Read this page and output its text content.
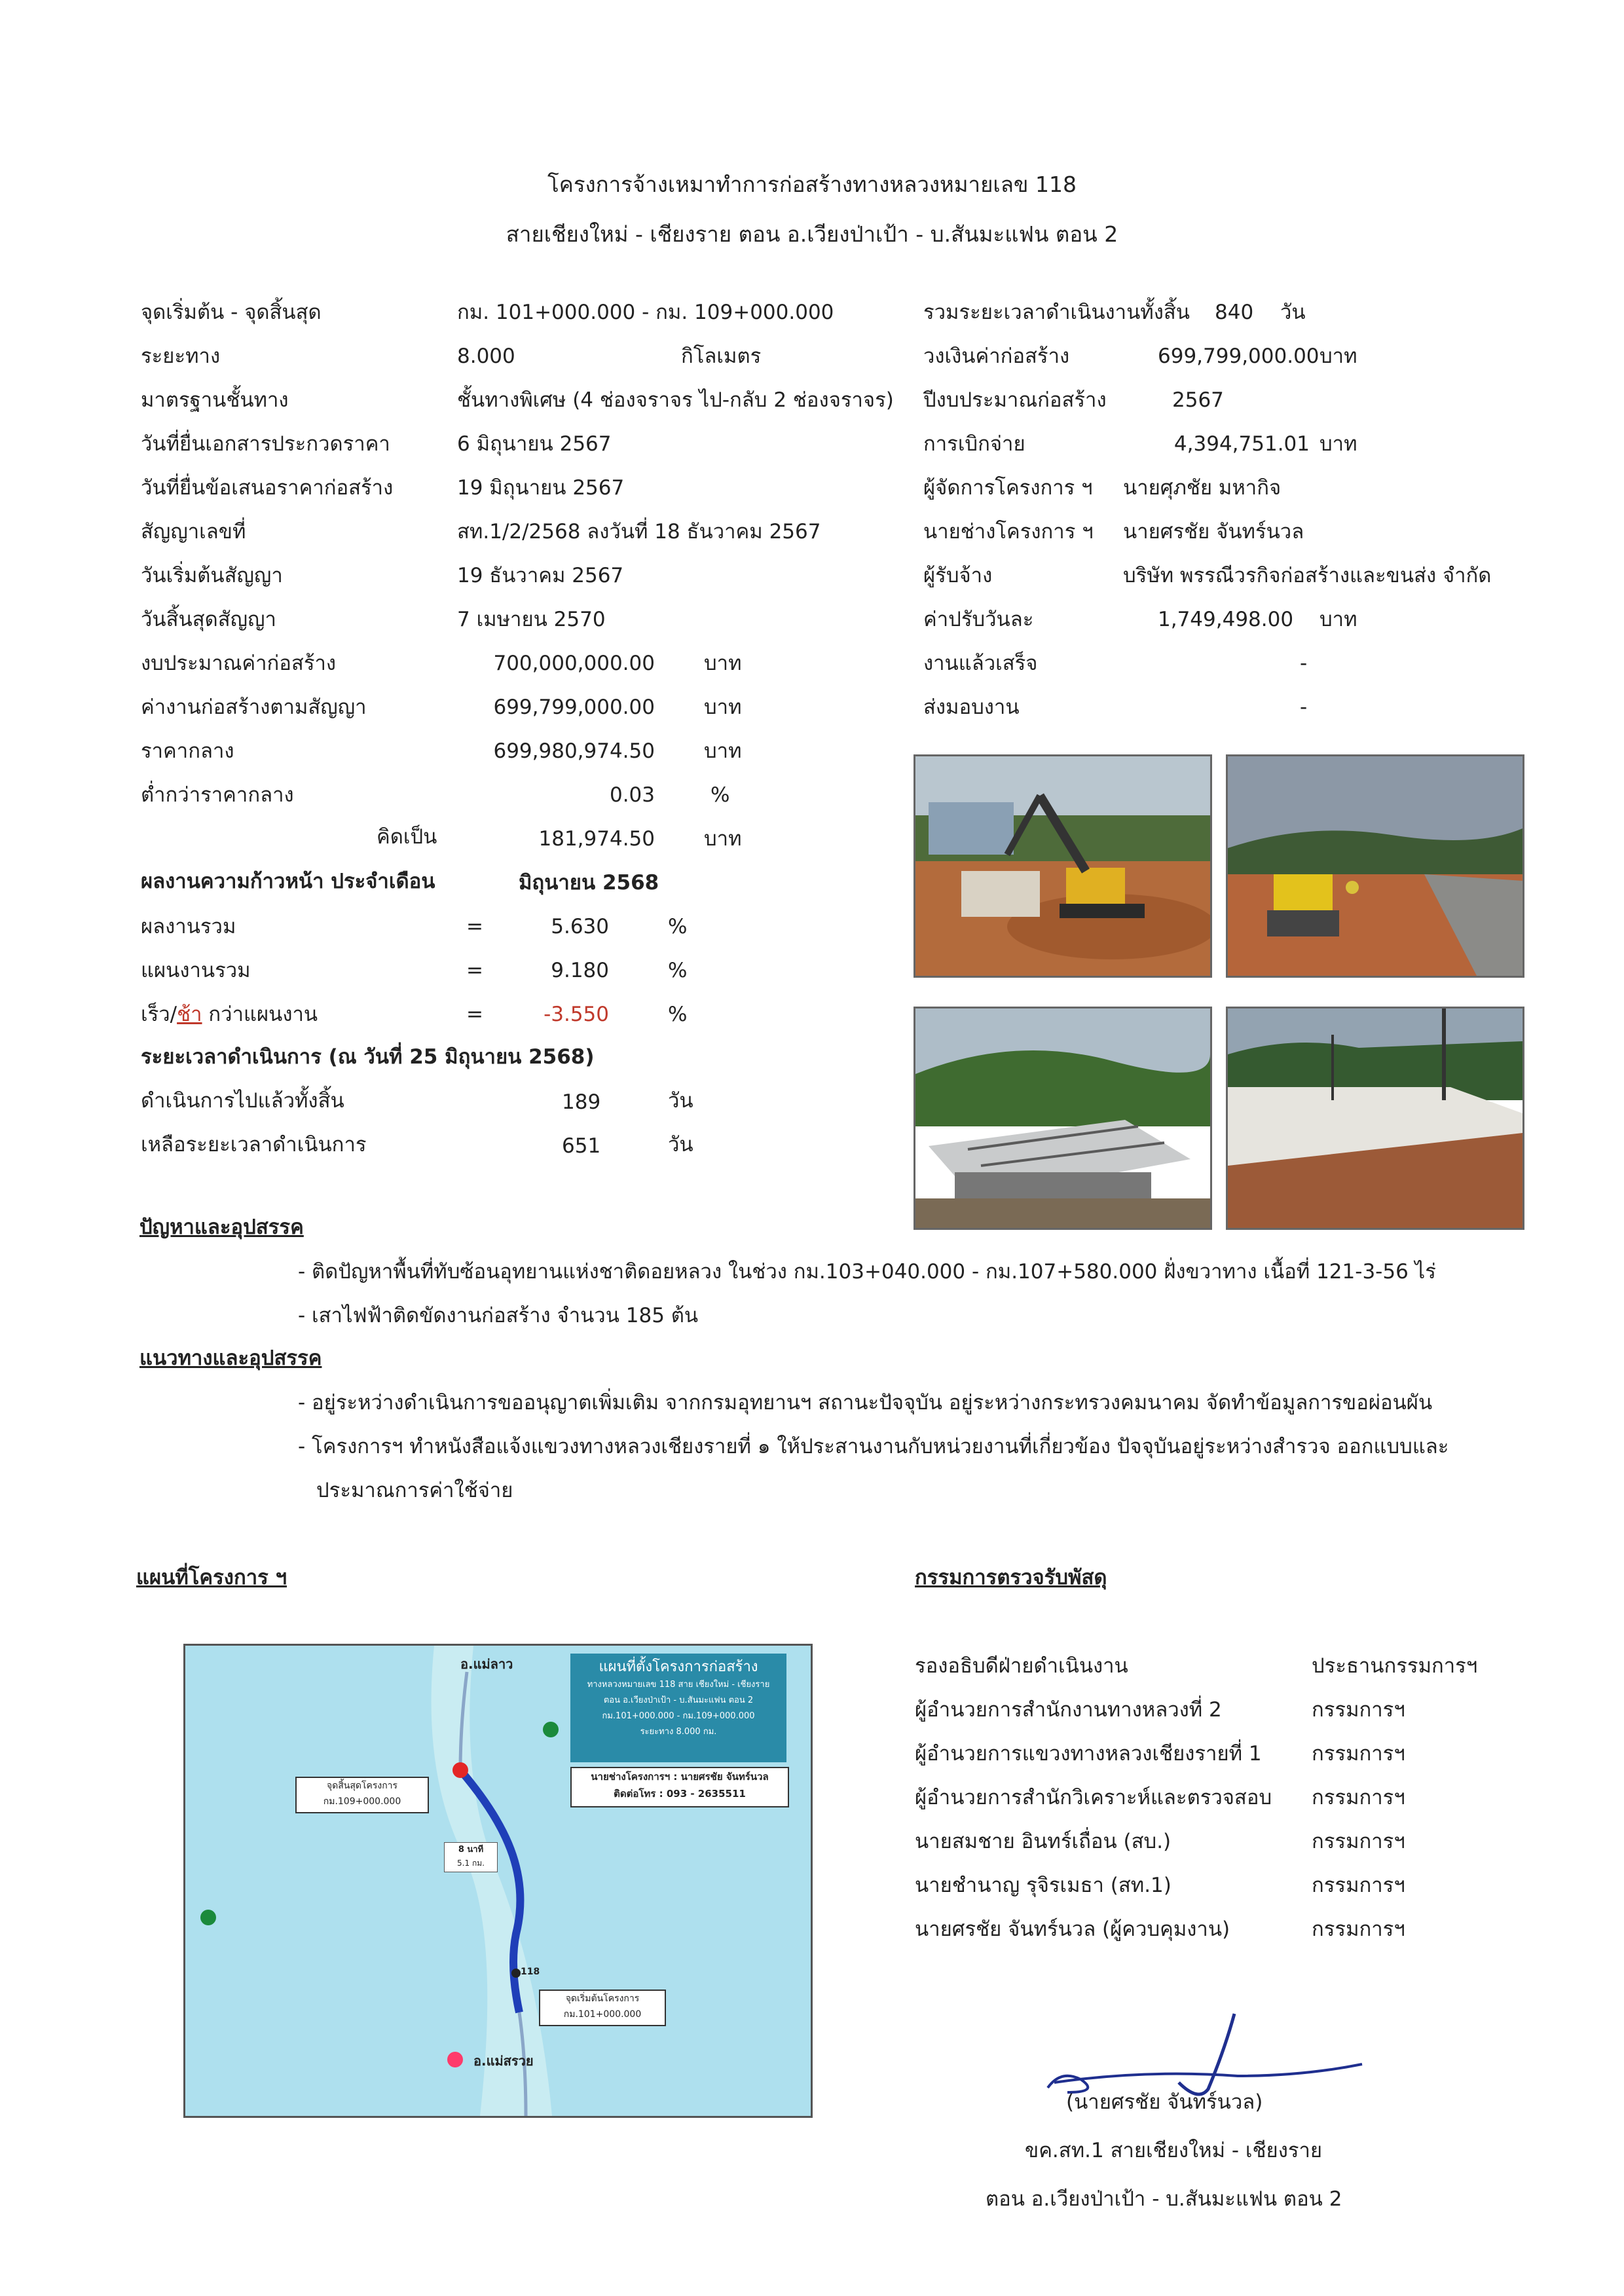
โครงการจ้างเหมาทำการก่อสร้างทางหลวงหมายเลข 118
สายเชียงใหม่ - เชียงราย ตอน อ.เวียงป่าเป้า - บ.สันมะแฟน ตอน 2
จุดเริ่มต้น - จุดสิ้นสุด	กม. 101+000.000 - กม. 109+000.000
ระยะทาง	8.000	กิโลเมตร
มาตรฐานชั้นทาง	ชั้นทางพิเศษ (4 ช่องจราจร ไป-กลับ 2 ช่องจราจร)
วันที่ยื่นเอกสารประกวดราคา	6 มิถุนายน 2567
วันที่ยื่นข้อเสนอราคาก่อสร้าง	19 มิถุนายน 2567
สัญญาเลขที่	สท.1/2/2568 ลงวันที่ 18 ธันวาคม 2567
วันเริ่มต้นสัญญา	19 ธันวาคม 2567
วันสิ้นสุดสัญญา	7 เมษายน 2570
งบประมาณค่าก่อสร้าง	700,000,000.00 บาท
ค่างานก่อสร้างตามสัญญา	699,799,000.00 บาท
ราคากลาง	699,980,974.50 บาท
ต่ำกว่าราคากลาง	0.03	%
คิดเป็น	181,974.50 บาท
ผลงานความก้าวหน้า ประจำเดือน	มิถุนายน 2568
ผลงานรวม	=	5.630	%
แผนงานรวม	=	9.180	%
เร็ว/ช้า กว่าแผนงาน	=	-3.550	%
ระยะเวลาดำเนินการ (ณ วันที่ 25 มิถุนายน 2568)
ดำเนินการไปแล้วทั้งสิ้น	189	วัน
เหลือระยะเวลาดำเนินการ	651	วัน
รวมระยะเวลาดำเนินงานทั้งสิ้น 840 วัน
วงเงินค่าก่อสร้าง	699,799,000.00 บาท
ปีงบประมาณก่อสร้าง	2567
การเบิกจ่าย	4,394,751.01 บาท
ผู้จัดการโครงการ ฯ นายศุภชัย มหากิจ
นายช่างโครงการ ฯ นายศรชัย จันทร์นวล
ผู้รับจ้าง	บริษัท พรรณีวรกิจก่อสร้างและขนส่ง จำกัด
ค่าปรับวันละ	1,749,498.00 บาท
งานแล้วเสร็จ	-
ส่งมอบงาน	-
ปัญหาและอุปสรรค
- ติดปัญหาพื้นที่ทับซ้อนอุทยานแห่งชาติดอยหลวง ในช่วง กม.103+040.000 - กม.107+580.000 ฝั่งขวาทาง เนื้อที่ 121-3-56 ไร่
- เสาไฟฟ้าติดขัดงานก่อสร้าง จำนวน 185 ต้น
แนวทางและอุปสรรค
- อยู่ระหว่างดำเนินการขออนุญาตเพิ่มเติม จากกรมอุทยานฯ สถานะปัจจุบัน อยู่ระหว่างกระทรวงคมนาคม จัดทำข้อมูลการขอผ่อนผัน
- โครงการฯ ทำหนังสือแจ้งแขวงทางหลวงเชียงรายที่ ๑ ให้ประสานงานกับหน่วยงานที่เกี่ยวข้อง ปัจจุบันอยู่ระหว่างสำรวจ ออกแบบและ
ประมาณการค่าใช้จ่าย
แผนที่โครงการ ฯ
อ.แม่ลาว
อ.แม่สรวย
แผนที่ตั้งโครงการก่อสร้าง
ทางหลวงหมายเลข 118 สาย เชียงใหม่ - เชียงราย
ตอน อ.เวียงป่าเป้า - บ.สันมะแฟน ตอน 2
กม.101+000.000 - กม.109+000.000
ระยะทาง 8.000 กม.
นายช่างโครงการฯ : นายศรชัย จันทร์นวล
ติดต่อโทร : 093 - 2635511
จุดสิ้นสุดโครงการ
กม.109+000.000
จุดเริ่มต้นโครงการ
กม.101+000.000
8 นาที
5.1 กม.
118
กรรมการตรวจรับพัสดุ
รองอธิบดีฝ่ายดำเนินงาน	ประธานกรรมการฯ
ผู้อำนวยการสำนักงานทางหลวงที่ 2	กรรมการฯ
ผู้อำนวยการแขวงทางหลวงเชียงรายที่ 1 กรรมการฯ
ผู้อำนวยการสำนักวิเคราะห์และตรวจสอบ กรรมการฯ
นายสมชาย อินทร์เถื่อน (สบ.)	กรรมการฯ
นายชำนาญ รุจิรเมธา (สท.1)	กรรมการฯ
นายศรชัย จันทร์นวล (ผู้ควบคุมงาน)	กรรมการฯ
(นายศรชัย จันทร์นวล)
ขค.สท.1 สายเชียงใหม่ - เชียงราย
ตอน อ.เวียงป่าเป้า - บ.สันมะแฟน ตอน 2
